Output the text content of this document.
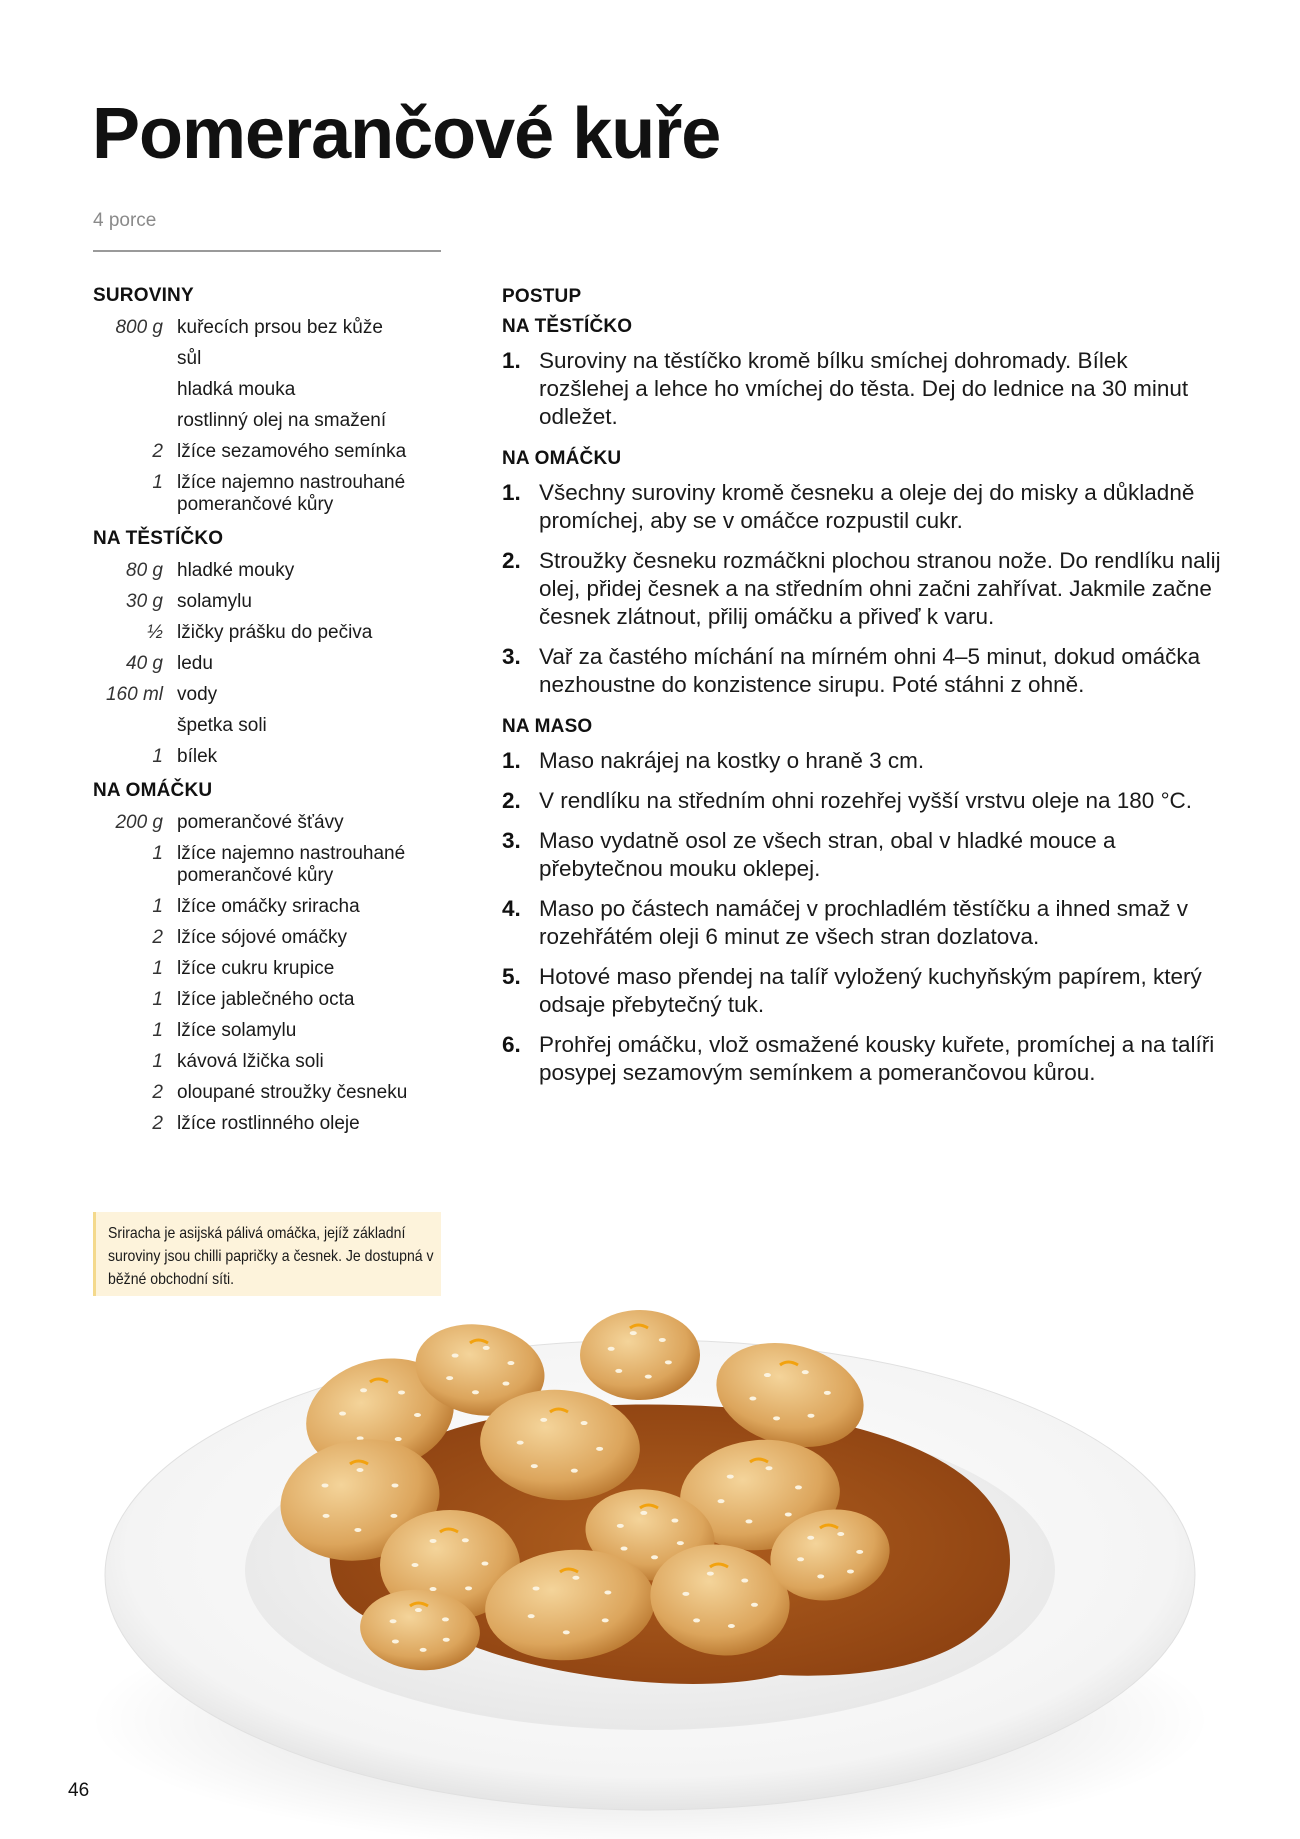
Pomerančové kuře
4 porce
SUROVINY
800 g kuřecích prsou bez kůže
sůl
hladká mouka
rostlinný olej na smažení
2 lžíce sezamového semínka
1 lžíce najemno nastrouhané pomerančové kůry
NA TĚSTÍČKO
80 g hladké mouky
30 g solamylu
½ lžičky prášku do pečiva
40 g ledu
160 ml vody
špetka soli
1 bílek
NA OMÁČKU
200 g pomerančové šťávy
1 lžíce najemno nastrouhané pomerančové kůry
1 lžíce omáčky sriracha
2 lžíce sójové omáčky
1 lžíce cukru krupice
1 lžíce jablečného octa
1 lžíce solamylu
1 kávová lžička soli
2 oloupané stroužky česneku
2 lžíce rostlinného oleje
Sriracha je asijská pálivá omáčka, jejíž základní suroviny jsou chilli papričky a česnek. Je dostupná v běžné obchodní síti.
POSTUP
NA TĚSTÍČKO
1. Suroviny na těstíčko kromě bílku smíchej dohromady. Bílek rozšlehej a lehce ho vmíchej do těsta. Dej do lednice na 30 minut odležet.
NA OMÁČKU
1. Všechny suroviny kromě česneku a oleje dej do misky a důkladně promíchej, aby se v omáčce rozpustil cukr.
2. Stroužky česneku rozmáčkni plochou stranou nože. Do rendlíku nalij olej, přidej česnek a na středním ohni začni zahřívat. Jakmile začne česnek zlátnout, přilij omáčku a přiveď k varu.
3. Vař za častého míchání na mírném ohni 4–5 minut, dokud omáčka nezhoustne do konzistence sirupu. Poté stáhni z ohně.
NA MASO
1. Maso nakrájej na kostky o hraně 3 cm.
2. V rendlíku na středním ohni rozehřej vyšší vrstvu oleje na 180 °C.
3. Maso vydatně osol ze všech stran, obal v hladké mouce a přebytečnou mouku oklepej.
4. Maso po částech namáčej v prochladlém těstíčku a ihned smaž v rozehřátém oleji 6 minut ze všech stran dozlatova.
5. Hotové maso přendej na talíř vyložený kuchyňským papírem, který odsaje přebytečný tuk.
6. Prohřej omáčku, vlož osmažené kousky kuřete, promíchej a na talíři posypej sezamovým semínkem a pomerančovou kůrou.
46
